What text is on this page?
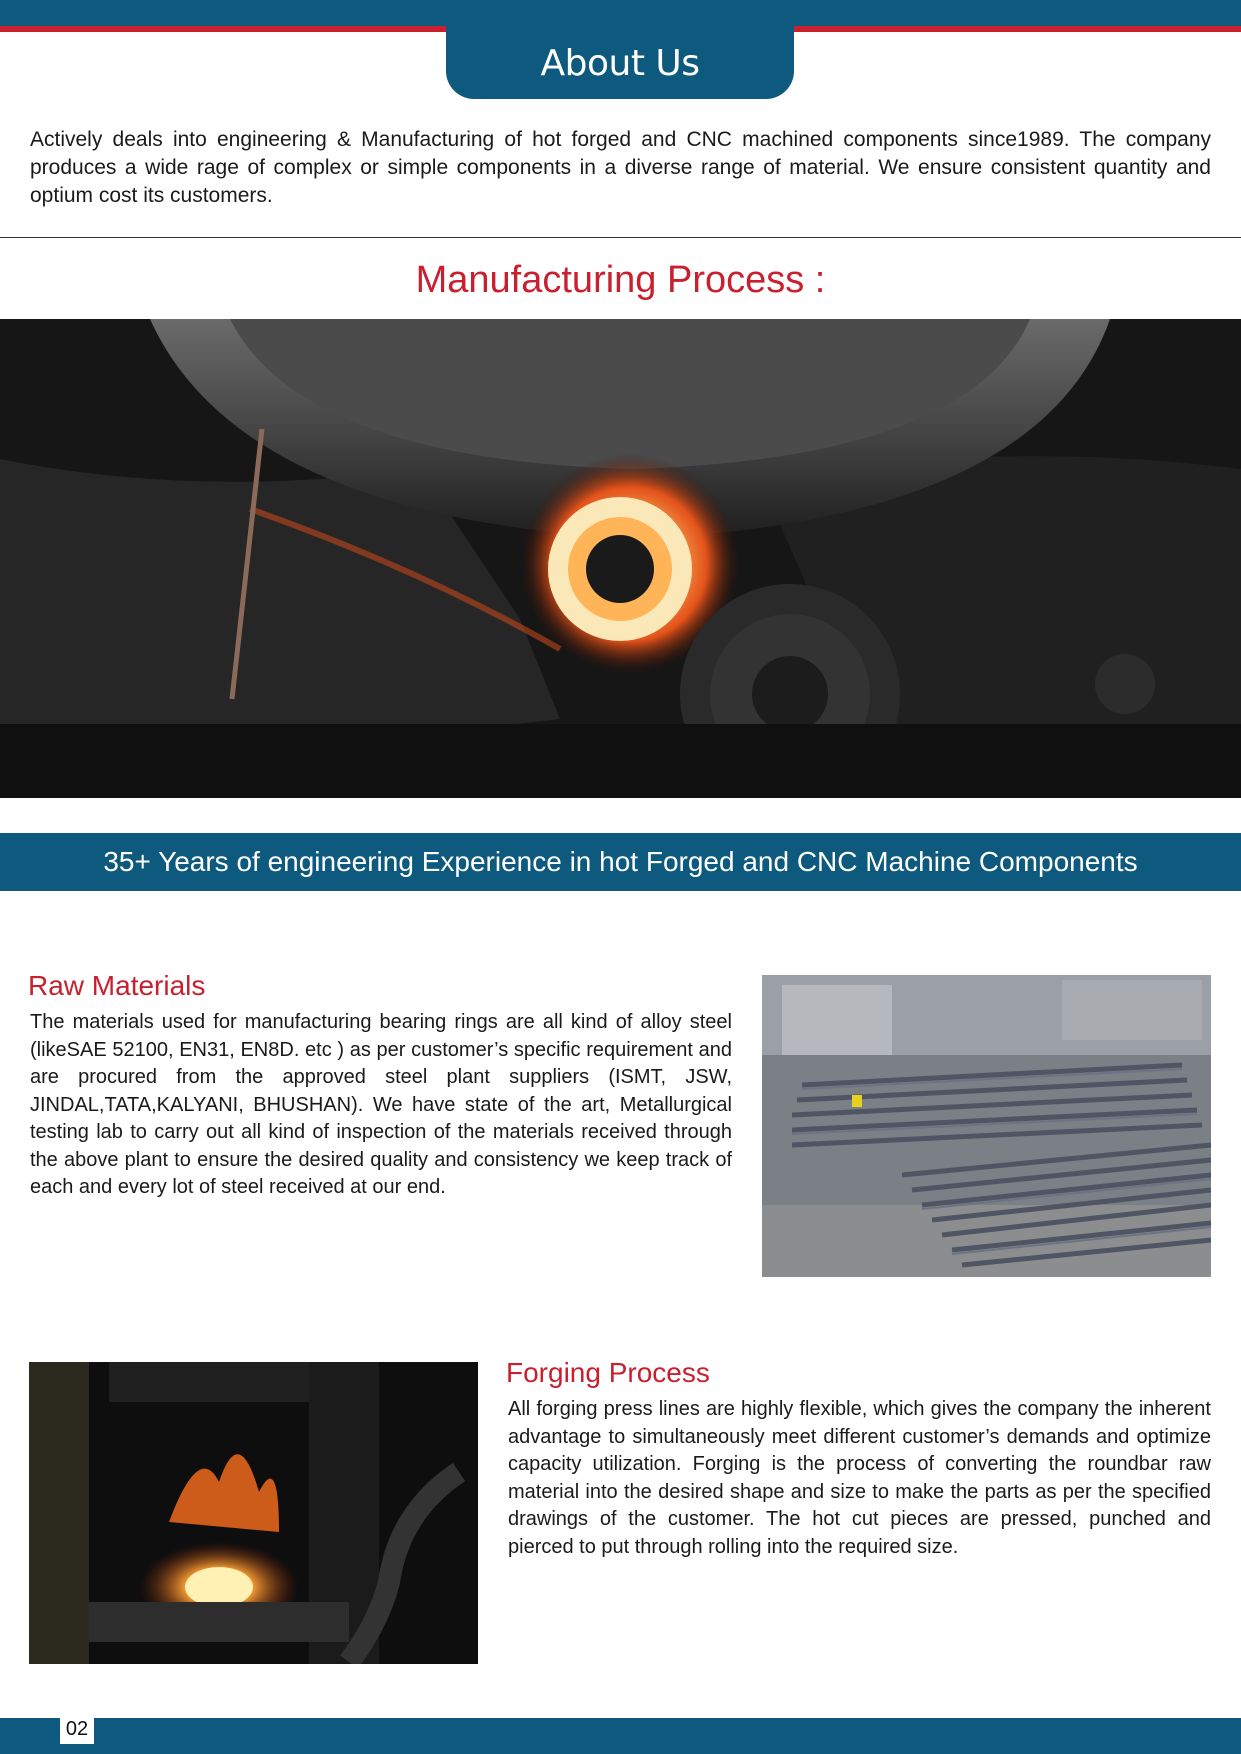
About Us

Actively deals into engineering & Manufacturing of hot forged and CNC machined components since1989. The company produces a wide rage of complex or simple components in a diverse range of material. We ensure consistent quantity and optium cost its customers.

Manufacturing Process :
35+ Years of engineering Experience in hot Forged and CNC Machine Components
Raw Materials

The materials used for manufacturing bearing rings are all kind of alloy steel (likeSAE 52100, EN31, EN8D. etc ) as per customer’s specific requirement and are procured from the approved steel plant suppliers (ISMT, JSW, JINDAL,TATA,KALYANI, BHUSHAN). We have state of the art, Metallurgical testing lab to carry out all kind of inspection of the materials received through the above plant to ensure the desired quality and consistency we keep track of each and every lot of steel received at our end.

Forging Process

All forging press lines are highly flexible, which gives the company the inherent advantage to simultaneously meet different customer’s demands and optimize capacity utilization. Forging is the process of converting the roundbar raw material into the desired shape and size to make the parts as per the specified drawings of the customer. The hot cut pieces are pressed, punched and pierced to put through rolling into the required size.

02
